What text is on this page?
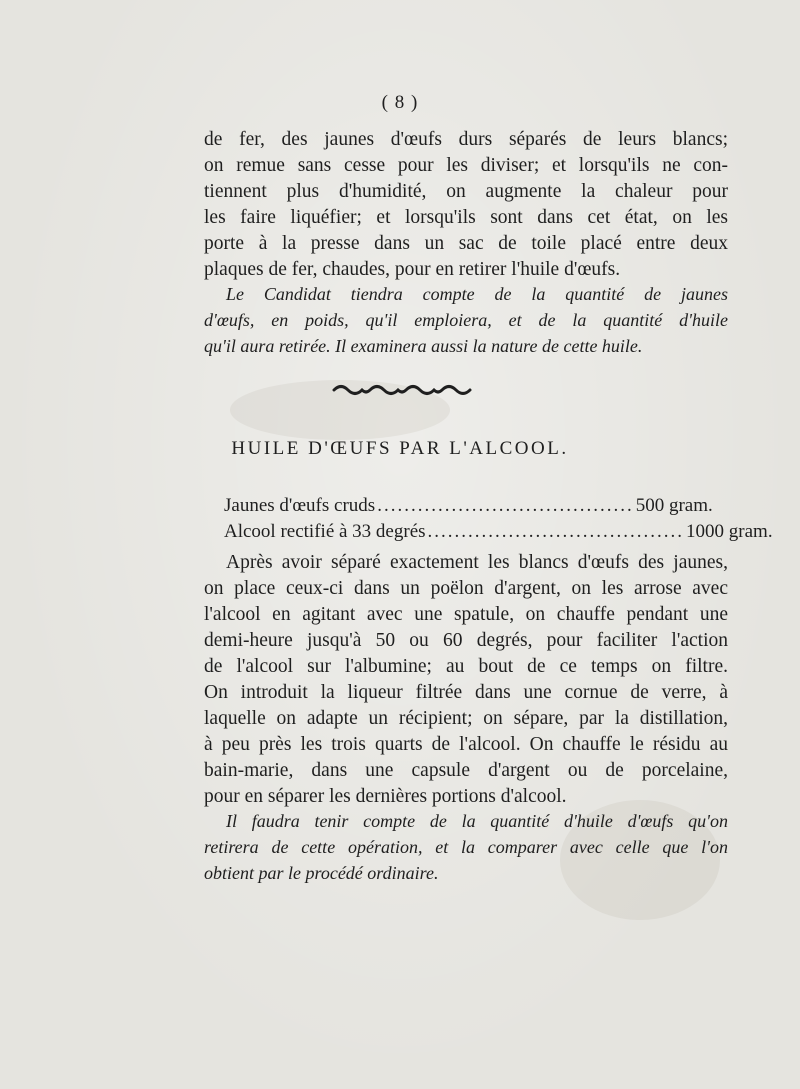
( 8 )
de fer, des jaunes d'œufs durs séparés de leurs blancs;
on remue sans cesse pour les diviser; et lorsqu'ils ne con-
tiennent plus d'humidité, on augmente la chaleur pour
les faire liquéfier; et lorsqu'ils sont dans cet état, on les
porte à la presse dans un sac de toile placé entre deux
plaques de fer, chaudes, pour en retirer l'huile d'œufs.
Le Candidat tiendra compte de la quantité de jaunes
d'œufs, en poids, qu'il emploiera, et de la quantité d'huile
qu'il aura retirée. Il examinera aussi la nature de cette huile.
HUILE D'ŒUFS PAR L'ALCOOL.
Jaunes d'œufs cruds ...................................... 500 gram.
Alcool rectifié à 33 degrés ...................................... 1000 gram.
Après avoir séparé exactement les blancs d'œufs des jaunes,
on place ceux-ci dans un poëlon d'argent, on les arrose avec
l'alcool en agitant avec une spatule, on chauffe pendant une
demi-heure jusqu'à 50 ou 60 degrés, pour faciliter l'action
de l'alcool sur l'albumine; au bout de ce temps on filtre.
On introduit la liqueur filtrée dans une cornue de verre, à
laquelle on adapte un récipient; on sépare, par la distillation,
à peu près les trois quarts de l'alcool. On chauffe le résidu au
bain-marie, dans une capsule d'argent ou de porcelaine,
pour en séparer les dernières portions d'alcool.
Il faudra tenir compte de la quantité d'huile d'œufs qu'on
retirera de cette opération, et la comparer avec celle que l'on
obtient par le procédé ordinaire.
